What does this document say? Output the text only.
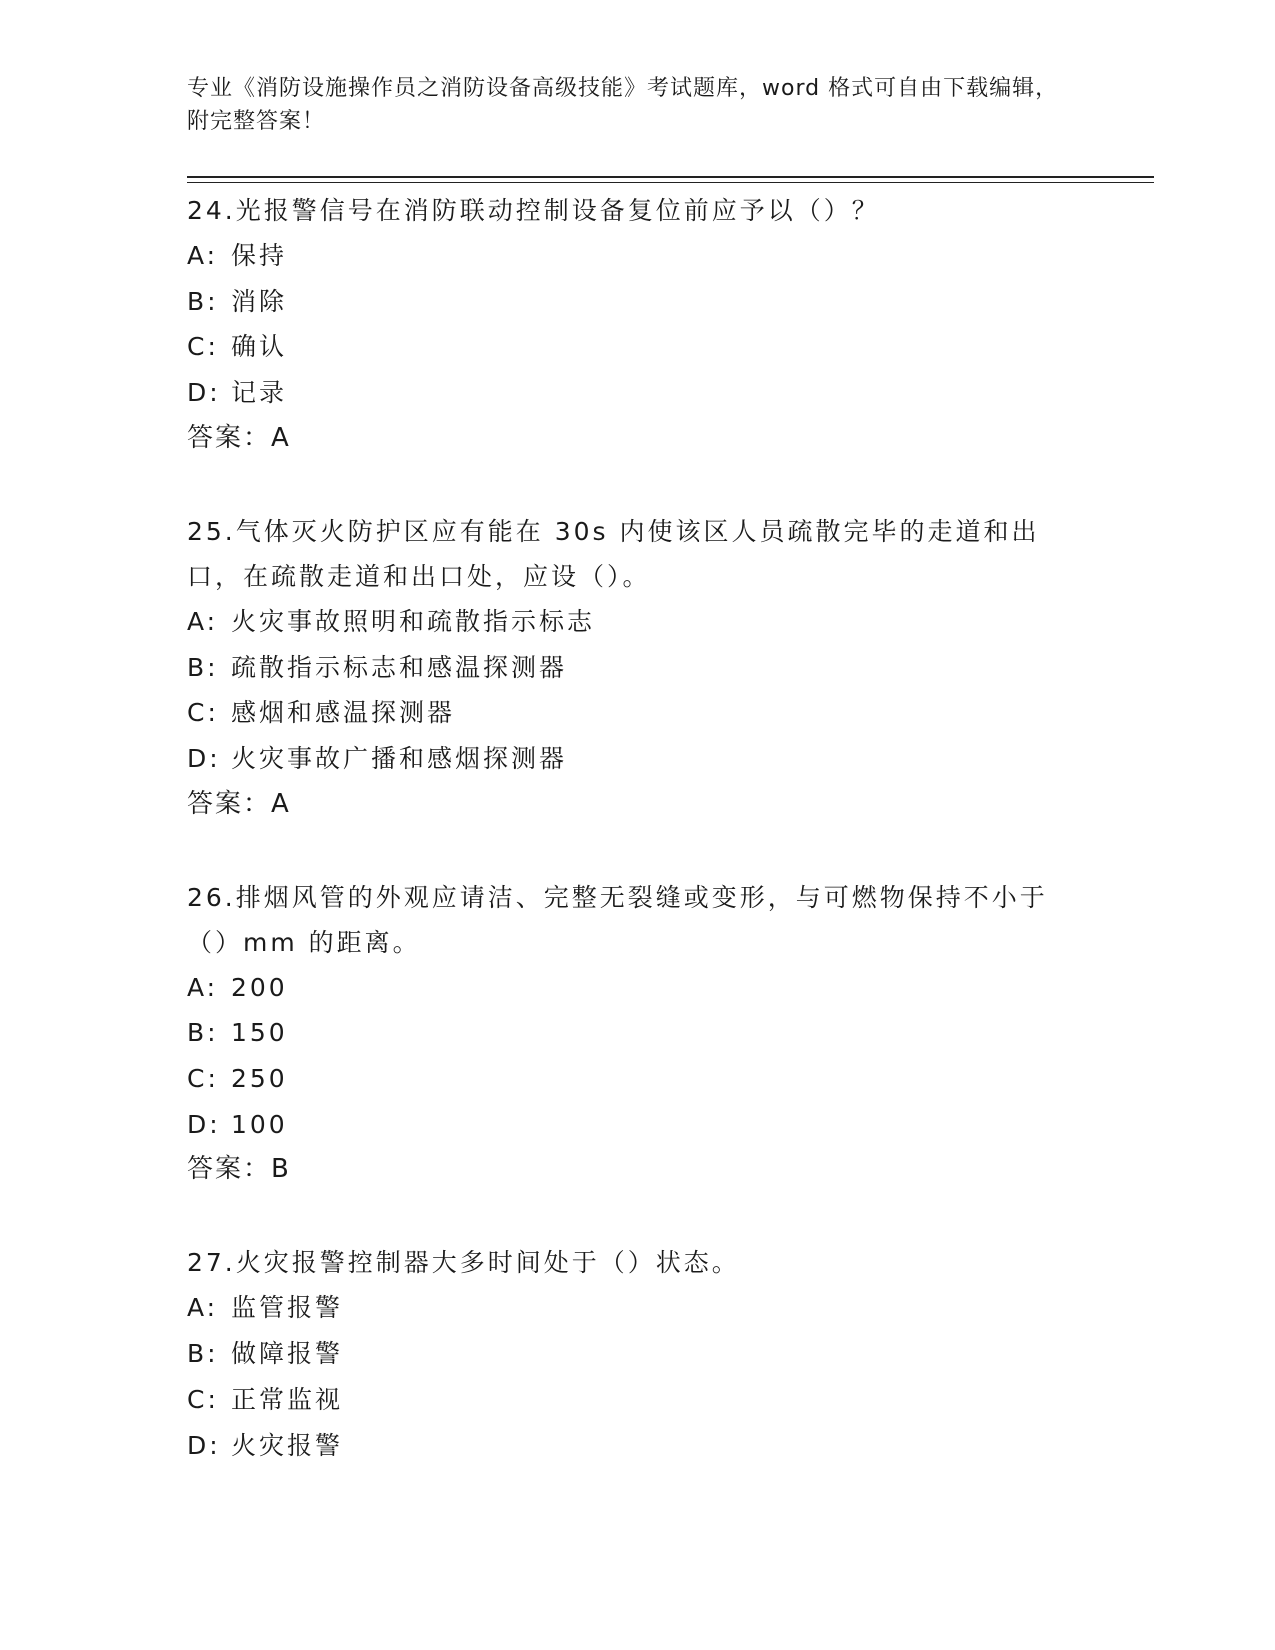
专业《消防设施操作员之消防设备高级技能》考试题库，word 格式可自由下载编辑，附完整答案！
24.光报警信号在消防联动控制设备复位前应予以（）？
A: 保持
B: 消除
C: 确认
D: 记录
答案：A
25.气体灭火防护区应有能在 30s 内使该区人员疏散完毕的走道和出口，在疏散走道和出口处，应设（）。
A: 火灾事故照明和疏散指示标志
B: 疏散指示标志和感温探测器
C: 感烟和感温探测器
D: 火灾事故广播和感烟探测器
答案：A
26.排烟风管的外观应请洁、完整无裂缝或变形，与可燃物保持不小于（）mm 的距离。
A: 200
B: 150
C: 250
D: 100
答案：B
27.火灾报警控制器大多时间处于（）状态。
A: 监管报警
B: 做障报警
C: 正常监视
D: 火灾报警
